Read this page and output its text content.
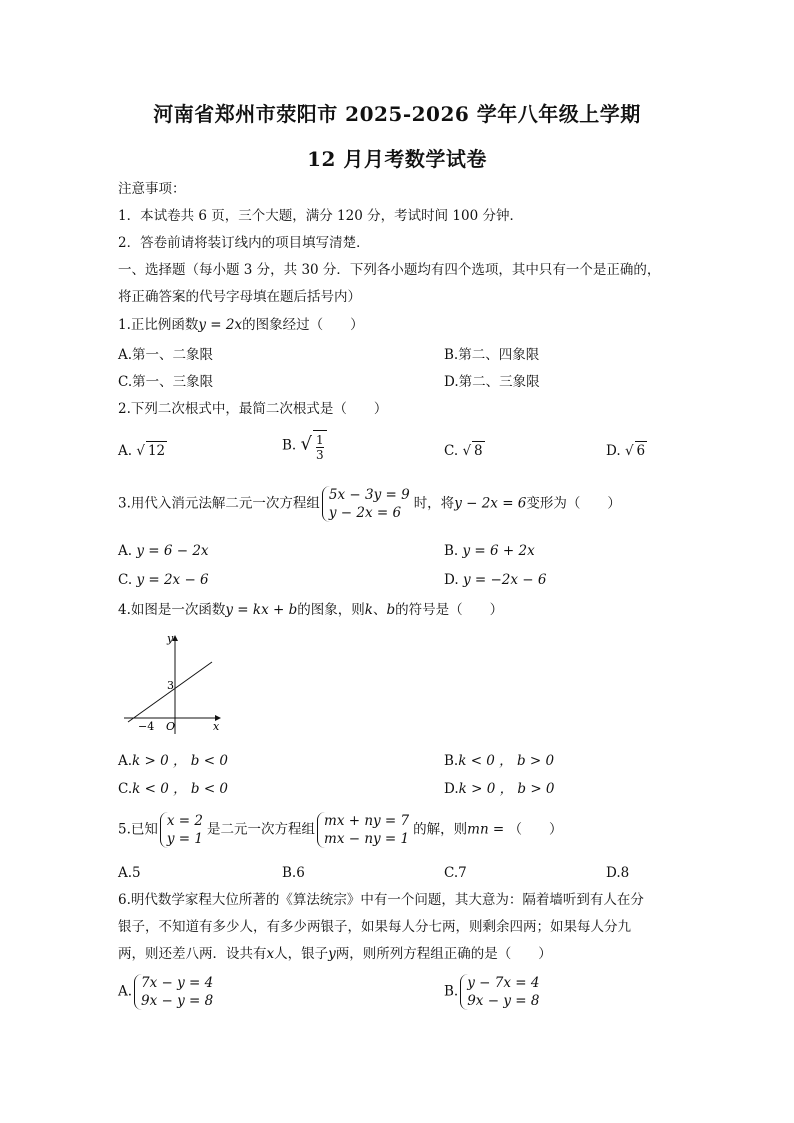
河南省郑州市荥阳市 2025-2026 学年八年级上学期
12 月月考数学试卷
注意事项：
1．本试卷共 6 页，三个大题，满分 120 分，考试时间 100 分钟．
2．答卷前请将装订线内的项目填写清楚．
一、选择题（每小题 3 分，共 30 分．下列各小题均有四个选项，其中只有一个是正确的，
将正确答案的代号字母填在题后括号内）
1.正比例函数y = 2x的图象经过（　　）
A.第一、二象限	B.第二、四象限
C.第一、三象限	D.第二、三象限
2.下列二次根式中，最简二次根式是（　　）
A. √ 12	B. √ $\frac{1}{3}$	C. √ 8	D. √ 6
3.用代入消元法解二元一次方程组
5x − 3y = 9
y − 2x = 6
时，将y − 2x = 6变形为（　　）
A. y = 6 − 2x	B. y = 6 + 2x
C. y = 2x − 6	D. y = −2x − 6
4.如图是一次函数y = kx + b的图象，则k、b的符号是（　　）
y
x
O
3
−4
A.k > 0 ， b < 0	B.k < 0 ， b > 0
C.k < 0 ， b < 0	D.k > 0 ， b > 0
5.已知
x = 2
y = 1
是二元一次方程组
mx + ny = 7
mx − ny = 1
的解，则mn = （　　）
A.5	B.6	C.7	D.8
6.明代数学家程大位所著的《算法统宗》中有一个问题，其大意为：隔着墙听到有人在分
银子，不知道有多少人，有多少两银子，如果每人分七两，则剩余四两；如果每人分九
两，则还差八两．设共有x人，银子y两，则所列方程组正确的是（　　）
A.
7x − y = 4
9x − y = 8
B.
y − 7x = 4
9x − y = 8
